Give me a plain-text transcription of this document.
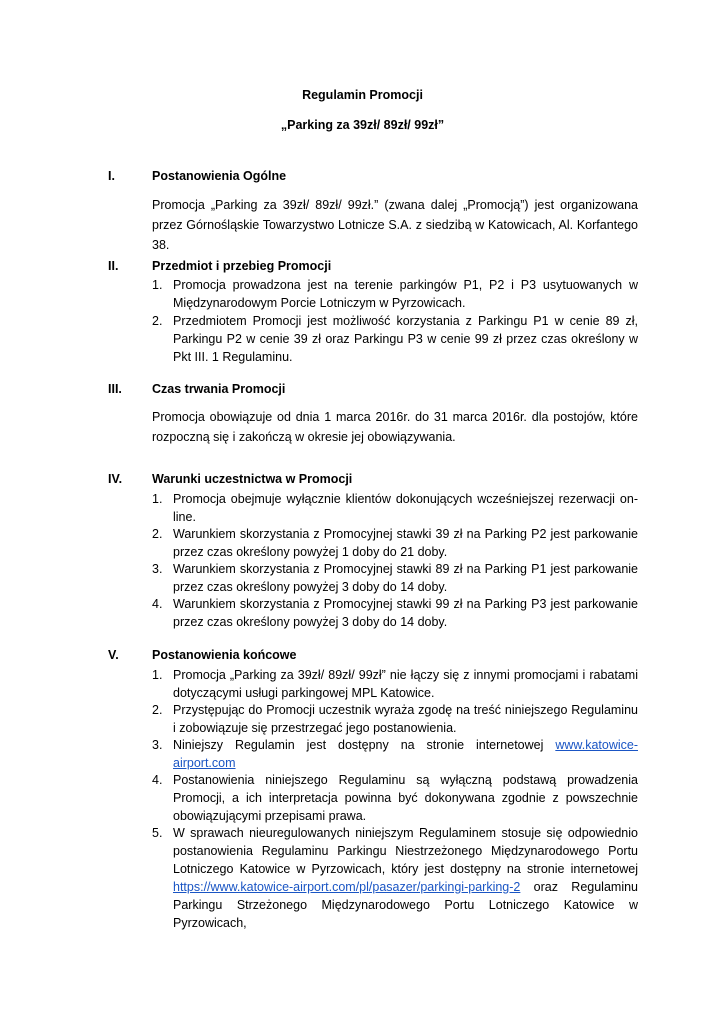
Regulamin Promocji
„Parking za 39zł/ 89zł/ 99zł”
I.	Postanowienia Ogólne
Promocja „Parking za 39zł/ 89zł/ 99zł.” (zwana dalej „Promocją”) jest organizowana przez Górnośląskie Towarzystwo Lotnicze S.A. z siedzibą w Katowicach, Al. Korfantego 38.
II.	Przedmiot i przebieg Promocji
1. Promocja prowadzona jest na terenie parkingów P1, P2 i P3 usytuowanych w Międzynarodowym Porcie Lotniczym w Pyrzowicach.
2. Przedmiotem Promocji jest możliwość korzystania z Parkingu P1 w cenie 89 zł, Parkingu P2 w cenie 39 zł oraz Parkingu P3 w cenie 99 zł przez czas określony w Pkt III. 1 Regulaminu.
III. Czas trwania Promocji
Promocja obowiązuje od dnia 1 marca 2016r. do 31 marca 2016r. dla postojów, które rozpoczną się i zakończą w okresie jej obowiązywania.
IV. Warunki uczestnictwa w Promocji
1. Promocja obejmuje wyłącznie klientów dokonujących wcześniejszej rezerwacji on-line.
2. Warunkiem skorzystania z Promocyjnej stawki 39 zł na Parking P2 jest parkowanie przez czas określony powyżej 1 doby do 21 doby.
3. Warunkiem skorzystania z Promocyjnej stawki 89 zł na Parking P1 jest parkowanie przez czas określony powyżej 3 doby do 14 doby.
4. Warunkiem skorzystania z Promocyjnej stawki 99 zł na Parking P3 jest parkowanie przez czas określony powyżej 3 doby do 14 doby.
V.	Postanowienia końcowe
1. Promocja „Parking za 39zł/ 89zł/ 99zł” nie łączy się z innymi promocjami i rabatami dotyczącymi usługi parkingowej MPL Katowice.
2. Przystępując do Promocji uczestnik wyraża zgodę na treść niniejszego Regulaminu i zobowiązuje się przestrzegać jego postanowienia.
3. Niniejszy Regulamin jest dostępny na stronie internetowej www.katowice-airport.com
4. Postanowienia niniejszego Regulaminu są wyłączną podstawą prowadzenia Promocji, a ich interpretacja powinna być dokonywana zgodnie z powszechnie obowiązującymi przepisami prawa.
5. W sprawach nieuregulowanych niniejszym Regulaminem stosuje się odpowiednio postanowienia Regulaminu Parkingu Niestrzeżonego Międzynarodowego Portu Lotniczego Katowice w Pyrzowicach, który jest dostępny na stronie internetowej https://www.katowice-airport.com/pl/pasazer/parkingi-parking-2 oraz Regulaminu Parkingu Strzeżonego Międzynarodowego Portu Lotniczego Katowice w Pyrzowicach,
